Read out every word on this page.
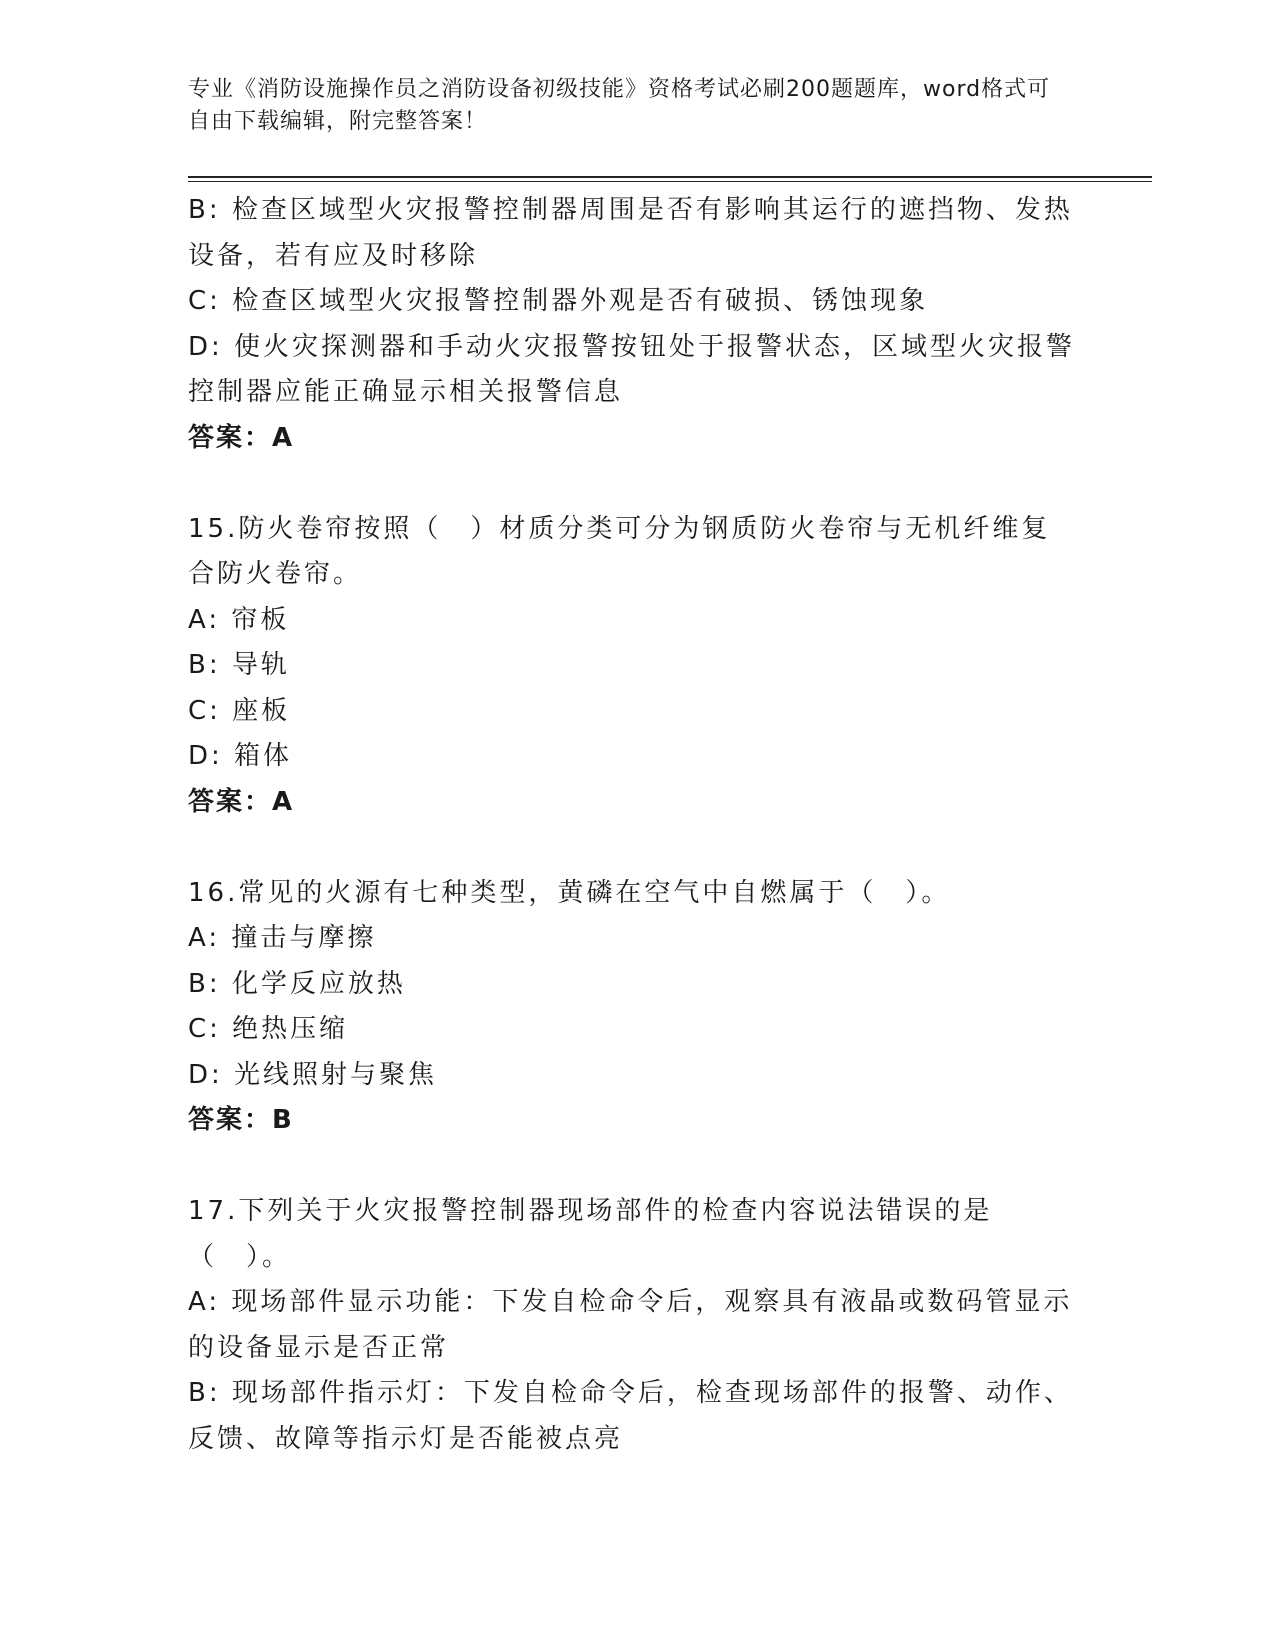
专业《消防设施操作员之消防设备初级技能》资格考试必刷200题题库，word格式可自由下载编辑，附完整答案！

B: 检查区域型火灾报警控制器周围是否有影响其运行的遮挡物、发热设备，若有应及时移除

C: 检查区域型火灾报警控制器外观是否有破损、锈蚀现象

D: 使火灾探测器和手动火灾报警按钮处于报警状态，区域型火灾报警控制器应能正确显示相关报警信息

答案：A

15.防火卷帘按照（　）材质分类可分为钢质防火卷帘与无机纤维复合防火卷帘。

A: 帘板

B: 导轨

C: 座板

D: 箱体

答案：A

16.常见的火源有七种类型，黄磷在空气中自燃属于（　）。

A: 撞击与摩擦

B: 化学反应放热

C: 绝热压缩

D: 光线照射与聚焦

答案：B

17.下列关于火灾报警控制器现场部件的检查内容说法错误的是（　）。

A: 现场部件显示功能：下发自检命令后，观察具有液晶或数码管显示的设备显示是否正常

B: 现场部件指示灯：下发自检命令后，检查现场部件的报警、动作、反馈、故障等指示灯是否能被点亮
